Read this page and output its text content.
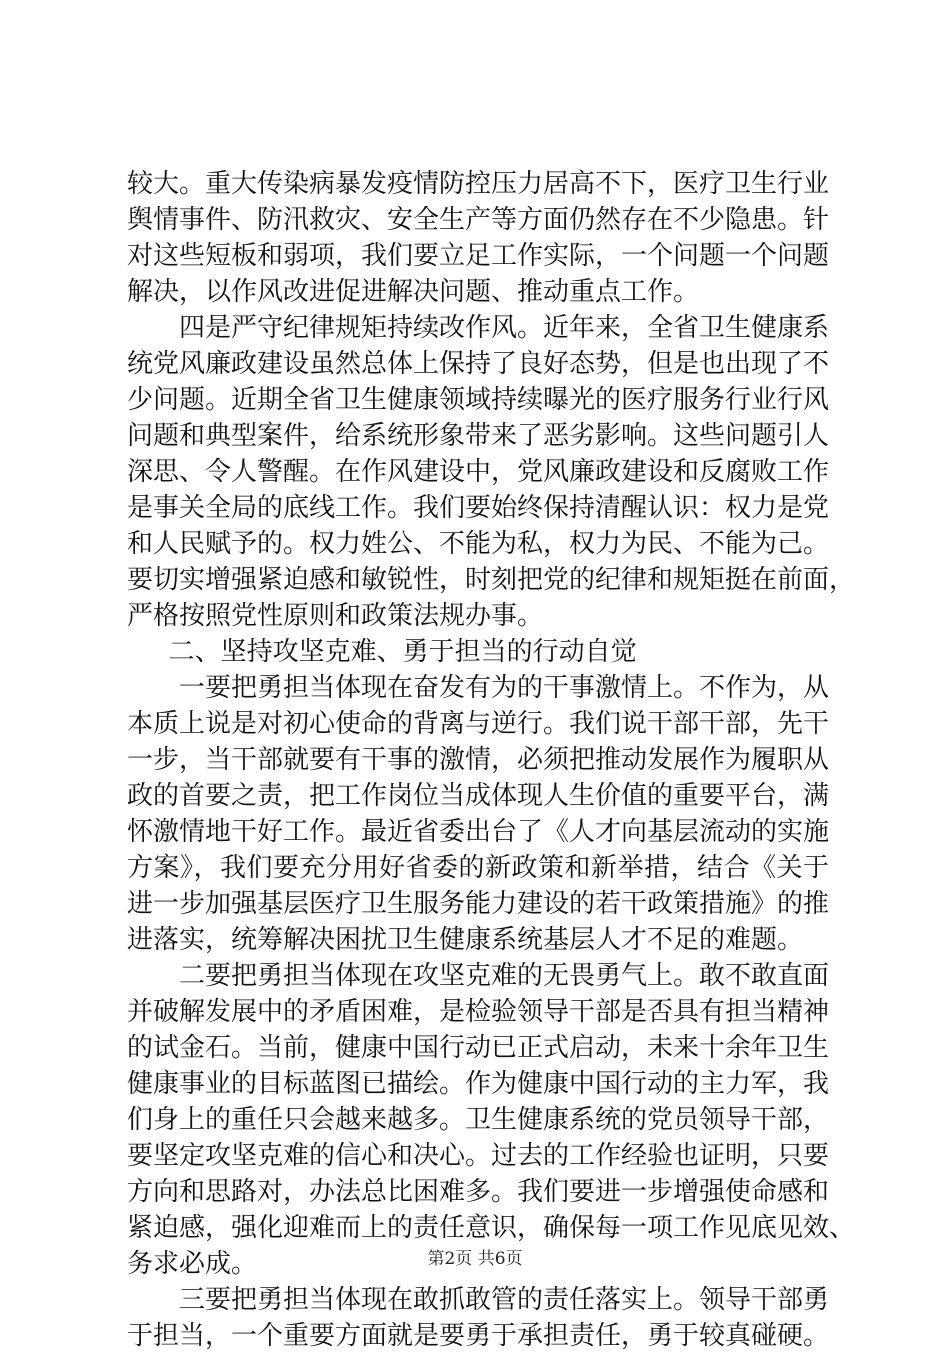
较大。重大传染病暴发疫情防控压力居高不下，医疗卫生行业
舆情事件、防汛救灾、安全生产等方面仍然存在不少隐患。针
对这些短板和弱项，我们要立足工作实际，一个问题一个问题
解决，以作风改进促进解决问题、推动重点工作。
四是严守纪律规矩持续改作风。近年来，全省卫生健康系
统党风廉政建设虽然总体上保持了良好态势，但是也出现了不
少问题。近期全省卫生健康领域持续曝光的医疗服务行业行风
问题和典型案件，给系统形象带来了恶劣影响。这些问题引人
深思、令人警醒。在作风建设中，党风廉政建设和反腐败工作
是事关全局的底线工作。我们要始终保持清醒认识：权力是党
和人民赋予的。权力姓公、不能为私，权力为民、不能为己。
要切实增强紧迫感和敏锐性，时刻把党的纪律和规矩挺在前面，
严格按照党性原则和政策法规办事。
二、坚持攻坚克难、勇于担当的行动自觉
一要把勇担当体现在奋发有为的干事激情上。不作为，从
本质上说是对初心使命的背离与逆行。我们说干部干部，先干
一步，当干部就要有干事的激情，必须把推动发展作为履职从
政的首要之责，把工作岗位当成体现人生价值的重要平台，满
怀激情地干好工作。最近省委出台了《人才向基层流动的实施
方案》，我们要充分用好省委的新政策和新举措，结合《关于
进一步加强基层医疗卫生服务能力建设的若干政策措施》的推
进落实，统筹解决困扰卫生健康系统基层人才不足的难题。
二要把勇担当体现在攻坚克难的无畏勇气上。敢不敢直面
并破解发展中的矛盾困难，是检验领导干部是否具有担当精神
的试金石。当前，健康中国行动已正式启动，未来十余年卫生
健康事业的目标蓝图已描绘。作为健康中国行动的主力军，我
们身上的重任只会越来越多。卫生健康系统的党员领导干部，
要坚定攻坚克难的信心和决心。过去的工作经验也证明，只要
方向和思路对，办法总比困难多。我们要进一步增强使命感和
紧迫感，强化迎难而上的责任意识，确保每一项工作见底见效、
务求必成。
三要把勇担当体现在敢抓敢管的责任落实上。领导干部勇
于担当，一个重要方面就是要勇于承担责任，勇于较真碰硬。
第2页 共6页
